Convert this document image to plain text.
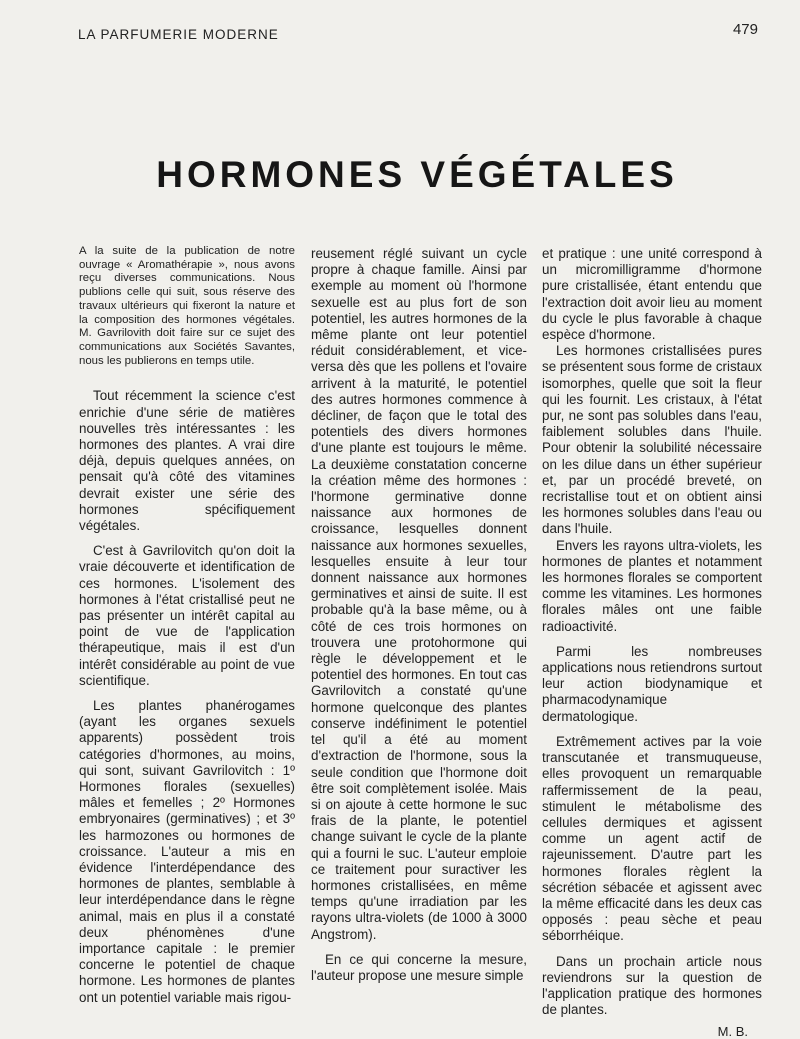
LA PARFUMERIE MODERNE	479
HORMONES VÉGÉTALES

A la suite de la publication de notre ouvrage « Aromathérapie », nous avons reçu diverses communications. Nous publions celle qui suit, sous réserve des travaux ultérieurs qui fixeront la nature et la composition des hormones végétales. M. Gavrilovith doit faire sur ce sujet des communications aux Sociétés Savantes, nous les publierons en temps utile.

Tout récemment la science c'est enrichie d'une série de matières nouvelles très intéressantes : les hormones des plantes. A vrai dire déjà, depuis quelques années, on pensait qu'à côté des vitamines devrait exister une série des hormones spécifiquement végétales.

C'est à Gavrilovitch qu'on doit la vraie découverte et identification de ces hormones. L'isolement des hormones à l'état cristallisé peut ne pas présenter un intérêt capital au point de vue de l'application thérapeutique, mais il est d'un intérêt considérable au point de vue scientifique.

Les plantes phanérogames (ayant les organes sexuels apparents) possèdent trois catégories d'hormones, au moins, qui sont, suivant Gavrilovitch : 1º Hormones florales (sexuelles) mâles et femelles ; 2º Hormones embryonaires (germinatives) ; et 3º les harmozones ou hormones de croissance. L'auteur a mis en évidence l'interdépendance des hormones de plantes, semblable à leur interdépendance dans le règne animal, mais en plus il a constaté deux phénomènes d'une importance capitale : le premier concerne le potentiel de chaque hormone. Les hormones de plantes ont un potentiel variable mais rigou-

reusement réglé suivant un cycle propre à chaque famille. Ainsi par exemple au moment où l'hormone sexuelle est au plus fort de son potentiel, les autres hormones de la même plante ont leur potentiel réduit considérablement, et vice-versa dès que les pollens et l'ovaire arrivent à la maturité, le potentiel des autres hormones commence à décliner, de façon que le total des potentiels des divers hormones d'une plante est toujours le même. La deuxième constatation concerne la création même des hormones : l'hormone germinative donne naissance aux hormones de croissance, lesquelles donnent naissance aux hormones sexuelles, lesquelles ensuite à leur tour donnent naissance aux hormones germinatives et ainsi de suite. Il est probable qu'à la base même, ou à côté de ces trois hormones on trouvera une protohormone qui règle le développement et le potentiel des hormones. En tout cas Gavrilovitch a constaté qu'une hormone quelconque des plantes conserve indéfiniment le potentiel tel qu'il a été au moment d'extraction de l'hormone, sous la seule condition que l'hormone doit être soit complètement isolée. Mais si on ajoute à cette hormone le suc frais de la plante, le potentiel change suivant le cycle de la plante qui a fourni le suc. L'auteur emploie ce traitement pour suractiver les hormones cristallisées, en même temps qu'une irradiation par les rayons ultra-violets (de 1000 à 3000 Angstrom).

En ce qui concerne la mesure, l'auteur propose une mesure simple

et pratique : une unité correspond à un micromilligramme d'hormone pure cristallisée, étant entendu que l'extraction doit avoir lieu au moment du cycle le plus favorable à chaque espèce d'hormone.

Les hormones cristallisées pures se présentent sous forme de cristaux isomorphes, quelle que soit la fleur qui les fournit. Les cristaux, à l'état pur, ne sont pas solubles dans l'eau, faiblement solubles dans l'huile. Pour obtenir la solubilité nécessaire on les dilue dans un éther supérieur et, par un procédé breveté, on recristallise tout et on obtient ainsi les hormones solubles dans l'eau ou dans l'huile.

Envers les rayons ultra-violets, les hormones de plantes et notamment les hormones florales se comportent comme les vitamines. Les hormones florales mâles ont une faible radioactivité.

Parmi les nombreuses applications nous retiendrons surtout leur action biodynamique et pharmacodynamique dermatologique.

Extrêmement actives par la voie transcutanée et transmuqueuse, elles provoquent un remarquable raffermissement de la peau, stimulent le métabolisme des cellules dermiques et agissent comme un agent actif de rajeunissement. D'autre part les hormones florales règlent la sécrétion sébacée et agissent avec la même efficacité dans les deux cas opposés : peau sèche et peau séborrhéique.

Dans un prochain article nous reviendrons sur la question de l'application pratique des hormones de plantes.

M. B.
